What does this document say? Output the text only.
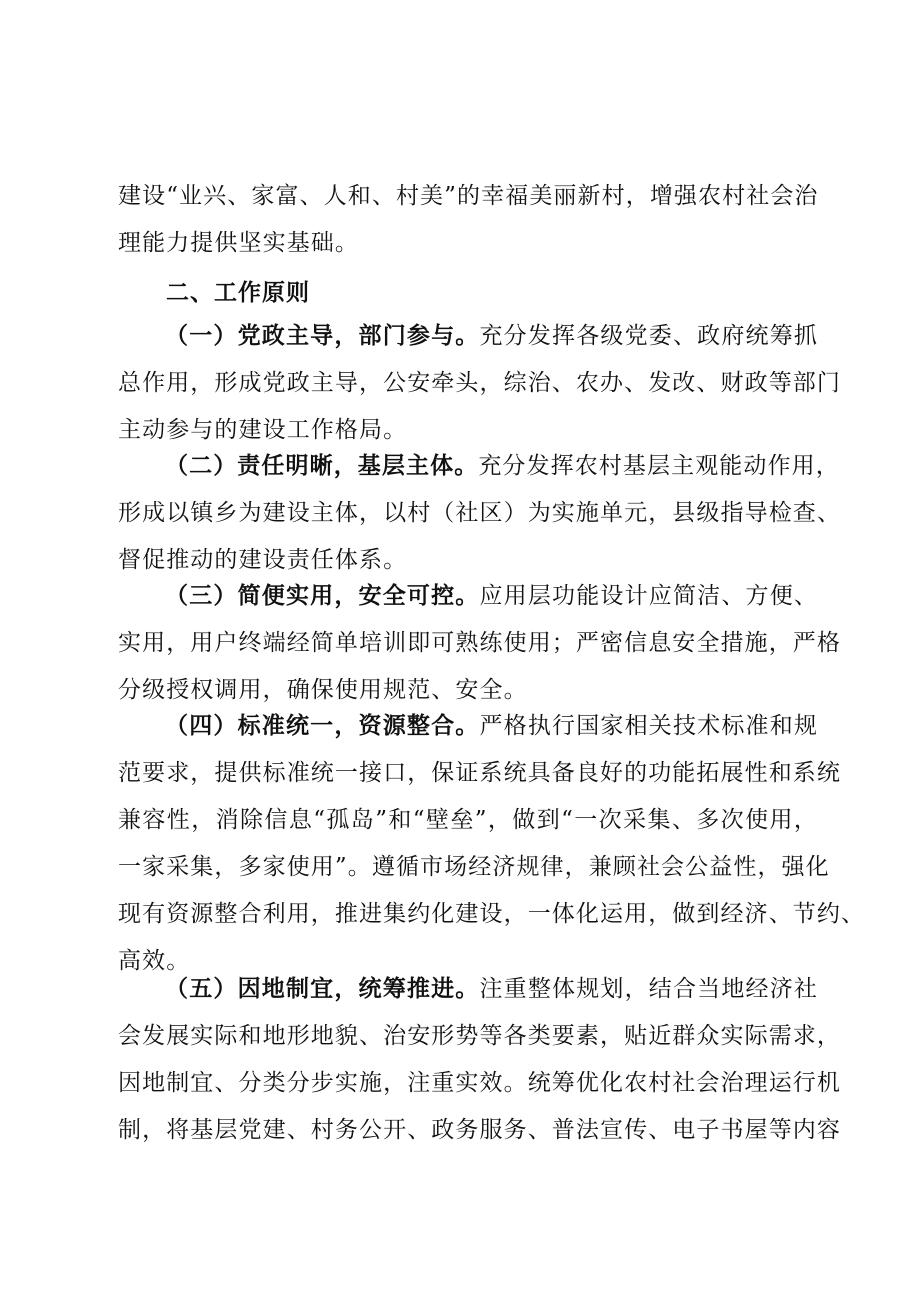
建设“业兴、家富、人和、村美”的幸福美丽新村，增强农村社会治
理能力提供坚实基础。

二、工作原则

（一）党政主导，部门参与。充分发挥各级党委、政府统筹抓
总作用，形成党政主导，公安牵头，综治、农办、发改、财政等部门
主动参与的建设工作格局。

（二）责任明晰，基层主体。充分发挥农村基层主观能动作用，
形成以镇乡为建设主体，以村（社区）为实施单元，县级指导检查、
督促推动的建设责任体系。

（三）简便实用，安全可控。应用层功能设计应简洁、方便、
实用，用户终端经简单培训即可熟练使用；严密信息安全措施，严格
分级授权调用，确保使用规范、安全。

（四）标准统一，资源整合。严格执行国家相关技术标准和规
范要求，提供标准统一接口，保证系统具备良好的功能拓展性和系统
兼容性，消除信息“孤岛”和“壁垒”，做到“一次采集、多次使用，
一家采集，多家使用”。遵循市场经济规律，兼顾社会公益性，强化
现有资源整合利用，推进集约化建设，一体化运用，做到经济、节约、
高效。

（五）因地制宜，统筹推进。注重整体规划，结合当地经济社
会发展实际和地形地貌、治安形势等各类要素，贴近群众实际需求，
因地制宜、分类分步实施，注重实效。统筹优化农村社会治理运行机
制，将基层党建、村务公开、政务服务、普法宣传、电子书屋等内容
